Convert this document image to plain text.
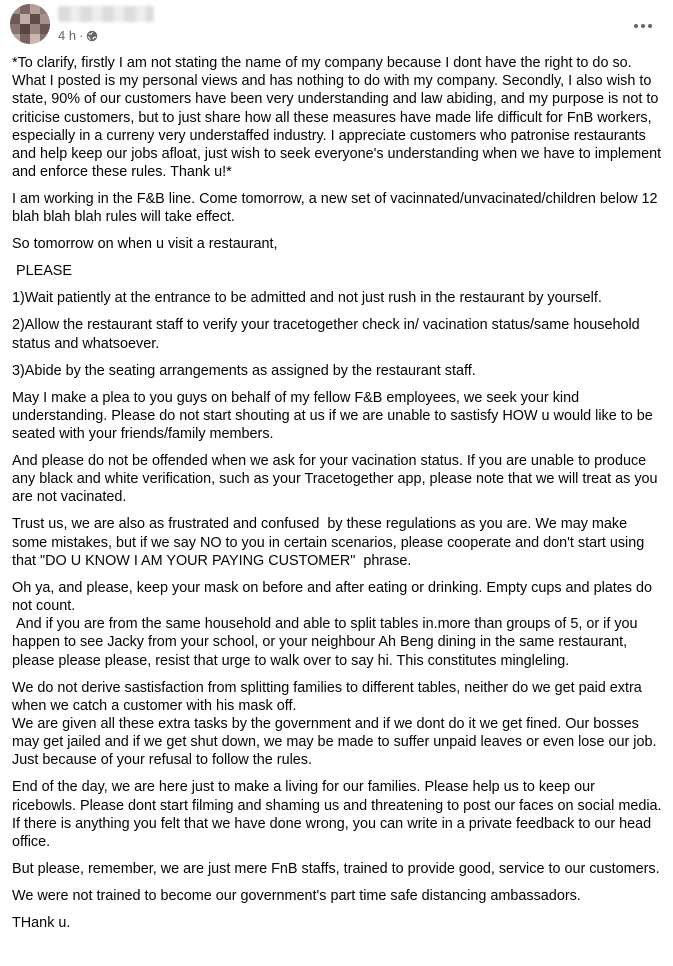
4 h ·

*To clarify, firstly I am not stating the name of my company because I dont have the right to do so. What I posted is my personal views and has nothing to do with my company. Secondly, I also wish to state, 90% of our customers have been very understanding and law abiding, and my purpose is not to criticise customers, but to just share how all these measures have made life difficult for FnB workers, especially in a curreny very understaffed industry. I appreciate customers who patronise restaurants and help keep our jobs afloat, just wish to seek everyone's understanding when we have to implement and enforce these rules. Thank u!*

I am working in the F&B line. Come tomorrow, a new set of vacinnated/unvacinated/children below 12 blah blah blah rules will take effect.

So tomorrow on when u visit a restaurant,

PLEASE

1)Wait patiently at the entrance to be admitted and not just rush in the restaurant by yourself.

2)Allow the restaurant staff to verify your tracetogether check in/ vacination status/same household status and whatsoever.

3)Abide by the seating arrangements as assigned by the restaurant staff.

May I make a plea to you guys on behalf of my fellow F&B employees, we seek your kind understanding. Please do not start shouting at us if we are unable to sastisfy HOW u would like to be seated with your friends/family members.

And please do not be offended when we ask for your vacination status. If you are unable to produce any black and white verification, such as your Tracetogether app, please note that we will treat as you are not vacinated.

Trust us, we are also as frustrated and confused  by these regulations as you are. We may make some mistakes, but if we say NO to you in certain scenarios, please cooperate and don't start using that "DO U KNOW I AM YOUR PAYING CUSTOMER"  phrase.

Oh ya, and please, keep your mask on before and after eating or drinking. Empty cups and plates do not count.
And if you are from the same household and able to split tables in.more than groups of 5, or if you happen to see Jacky from your school, or your neighbour Ah Beng dining in the same restaurant, please please please, resist that urge to walk over to say hi. This constitutes mingleling.

We do not derive sastisfaction from splitting families to different tables, neither do we get paid extra when we catch a customer with his mask off.
We are given all these extra tasks by the government and if we dont do it we get fined. Our bosses may get jailed and if we get shut down, we may be made to suffer unpaid leaves or even lose our job. Just because of your refusal to follow the rules.

End of the day, we are here just to make a living for our families. Please help us to keep our ricebowls. Please dont start filming and shaming us and threatening to post our faces on social media. If there is anything you felt that we have done wrong, you can write in a private feedback to our head office.

But please, remember, we are just mere FnB staffs, trained to provide good, service to our customers.

We were not trained to become our government's part time safe distancing ambassadors.

THank u.
